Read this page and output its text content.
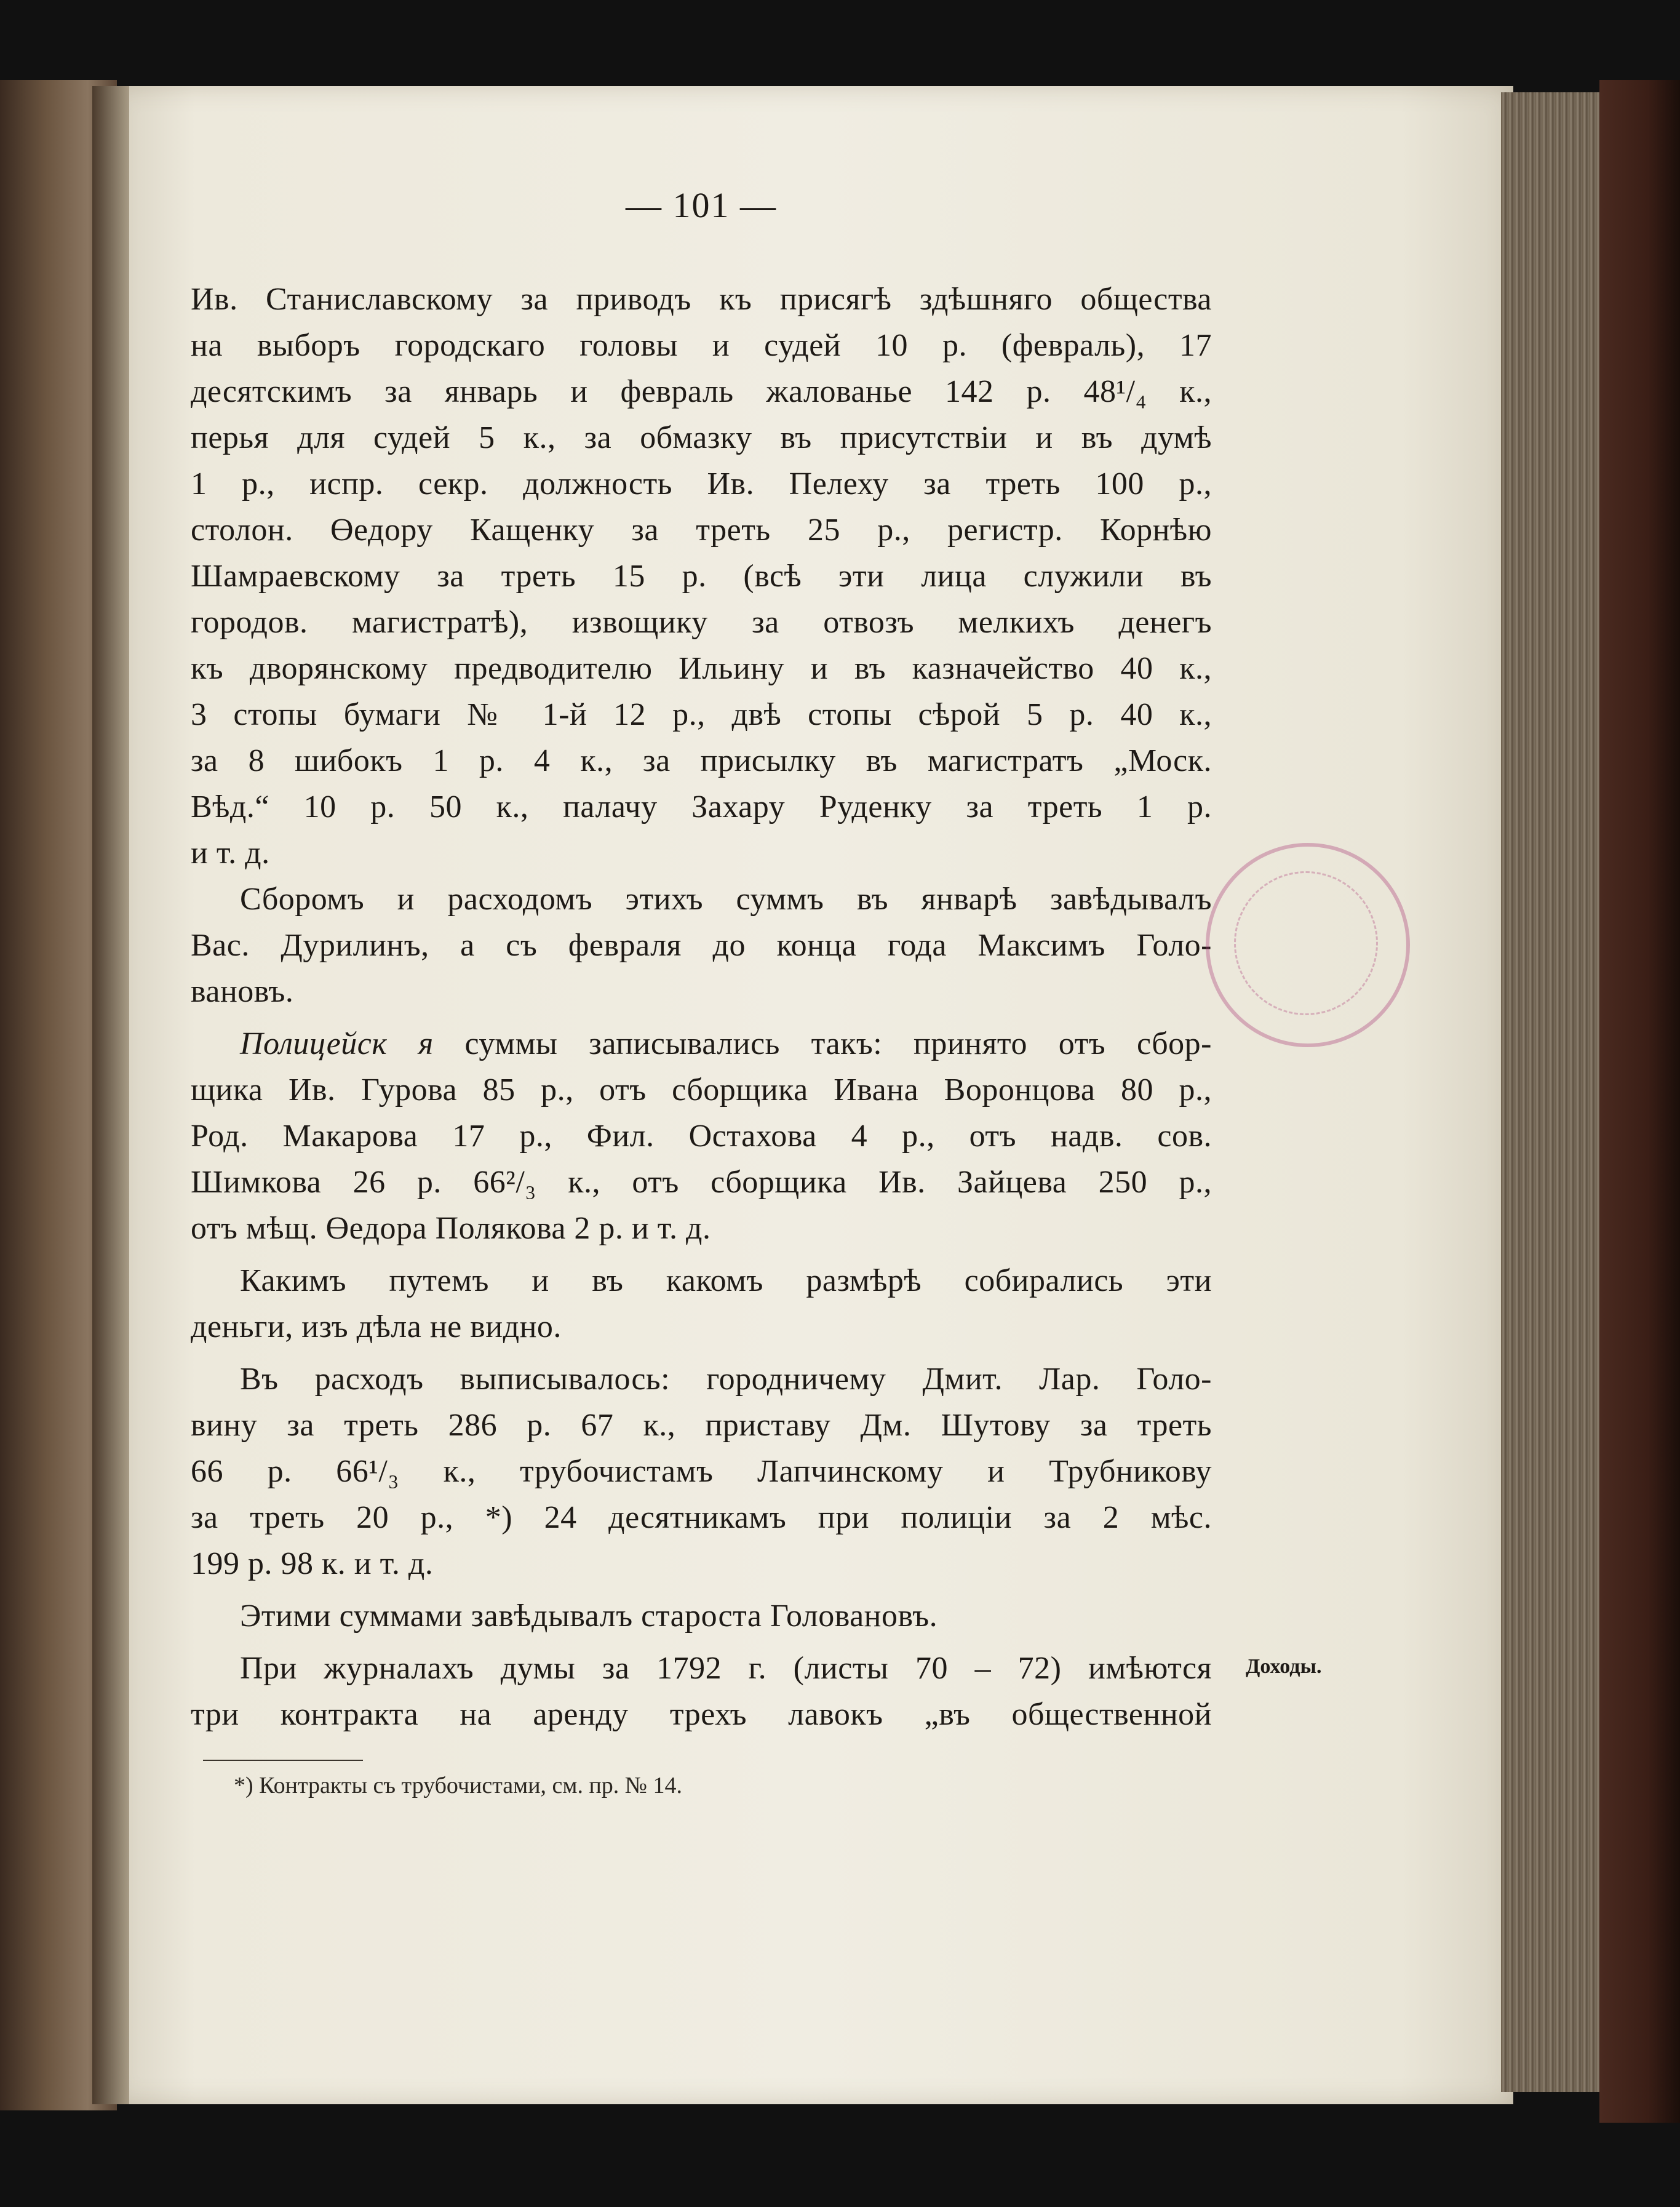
— 101 —
Ив. Станиславскому за приводъ къ присягѣ здѣшняго общества
на выборъ городскаго головы и судей 10 р. (февраль), 17
десятскимъ за январь и февраль жалованье 142 р. 48¹/₄ к.,
перья для судей 5 к., за обмазку въ присутствіи и въ думѣ
1 р., испр. секр. должность Ив. Пелеху за треть 100 р.,
столон. Өедору Кащенку за треть 25 р., регистр. Корнѣю
Шамраевскому за треть 15 р. (всѣ эти лица служили въ
городов. магистратѣ), извощику за отвозъ мелкихъ денегъ
къ дворянскому предводителю Ильину и въ казначейство 40 к.,
3 стопы бумаги № 1-й 12 р., двѣ стопы сѣрой 5 р. 40 к.,
за 8 шибокъ 1 р. 4 к., за присылку въ магистратъ „Моск.
Вѣд.“ 10 р. 50 к., палачу Захару Руденку за треть 1 р.
и т. д.
Сборомъ и расходомъ этихъ суммъ въ январѣ завѣдывалъ
Вас. Дурилинъ, а съ февраля до конца года Максимъ Голо-
вановъ.
Полицейск я суммы записывались такъ: принято отъ сбор-
щика Ив. Гурова 85 р., отъ сборщика Ивана Воронцова 80 р.,
Род. Макарова 17 р., Фил. Остахова 4 р., отъ надв. сов.
Шимкова 26 р. 66²/₃ к., отъ сборщика Ив. Зайцева 250 р.,
отъ мѣщ. Өедора Полякова 2 р. и т. д.
Какимъ путемъ и въ какомъ размѣрѣ собирались эти
деньги, изъ дѣла не видно.
Въ расходъ выписывалось: городничему Дмит. Лар. Голо-
вину за треть 286 р. 67 к., приставу Дм. Шутову за треть
66 р. 66¹/₃ к., трубочистамъ Лапчинскому и Трубникову
за треть 20 р., *) 24 десятникамъ при полиціи за 2 мѣс.
199 р. 98 к. и т. д.
Этими суммами завѣдывалъ староста Головановъ.
При журналахъ думы за 1792 г. (листы 70 – 72) имѣются
три контракта на аренду трехъ лавокъ „въ общественной
Доходы.
*) Контракты съ трубочистами, см. пр. № 14.
